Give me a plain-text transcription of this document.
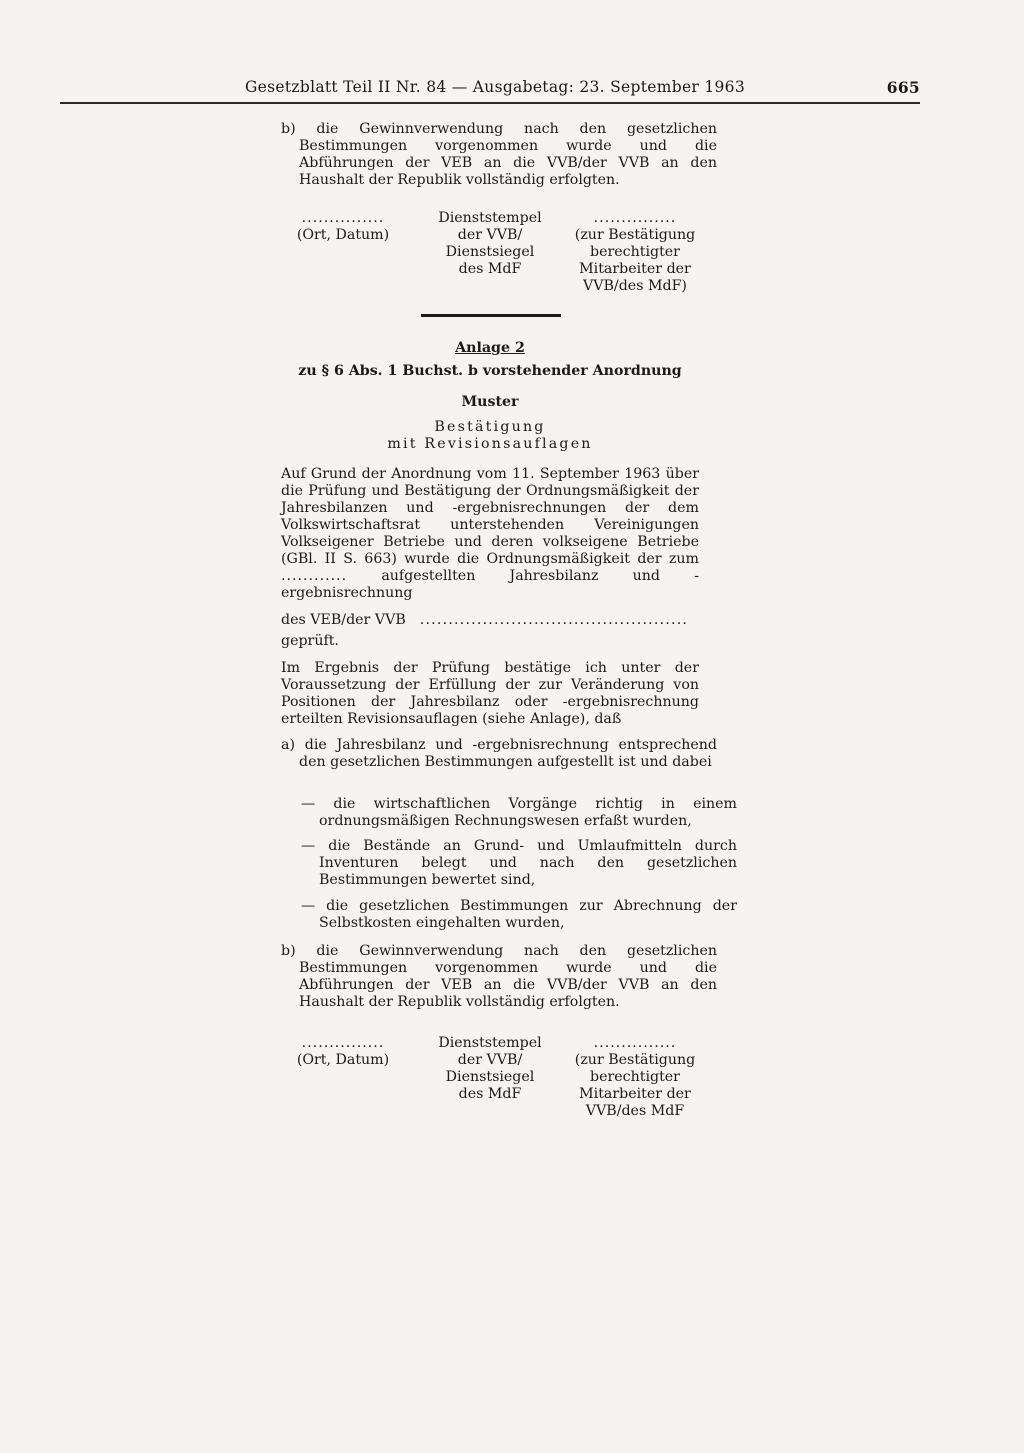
Gesetzblatt Teil II Nr. 84 — Ausgabetag: 23. September 1963	665
b) die Gewinnverwendung nach den gesetzlichen Bestimmungen vorgenommen wurde und die Abführungen der VEB an die VVB/der VVB an den Haushalt der Republik vollständig erfolgten.
...............
(Ort, Datum)
Dienststempel
der VVB/
Dienstsiegel
des MdF
...............
(zur Bestätigung
berechtigter
Mitarbeiter der
VVB/des MdF)
Anlage 2
zu § 6 Abs. 1 Buchst. b vorstehender Anordnung
Muster
Bestätigung
mit Revisionsauflagen
Auf Grund der Anordnung vom 11. September 1963 über die Prüfung und Bestätigung der Ordnungsmäßigkeit der Jahresbilanzen und -ergebnisrechnungen der dem Volkswirtschaftsrat unterstehenden Vereinigungen Volkseigener Betriebe und deren volkseigene Betriebe (GBl. II S. 663) wurde die Ordnungsmäßigkeit der zum ............ aufgestellten Jahresbilanz und -ergebnisrechnung
des VEB/der VVB ...............................................
geprüft.
Im Ergebnis der Prüfung bestätige ich unter der Voraussetzung der Erfüllung der zur Veränderung von Positionen der Jahresbilanz oder -ergebnisrechnung erteilten Revisionsauflagen (siehe Anlage), daß
a) die Jahresbilanz und -ergebnisrechnung entsprechend den gesetzlichen Bestimmungen aufgestellt ist und dabei
— die wirtschaftlichen Vorgänge richtig in einem ordnungsmäßigen Rechnungswesen erfaßt wurden,
— die Bestände an Grund- und Umlaufmitteln durch Inventuren belegt und nach den gesetzlichen Bestimmungen bewertet sind,
— die gesetzlichen Bestimmungen zur Abrechnung der Selbstkosten eingehalten wurden,
b) die Gewinnverwendung nach den gesetzlichen Bestimmungen vorgenommen wurde und die Abführungen der VEB an die VVB/der VVB an den Haushalt der Republik vollständig erfolgten.
...............
(Ort, Datum)
Dienststempel
der VVB/
Dienstsiegel
des MdF
...............
(zur Bestätigung
berechtigter
Mitarbeiter der
VVB/des MdF
